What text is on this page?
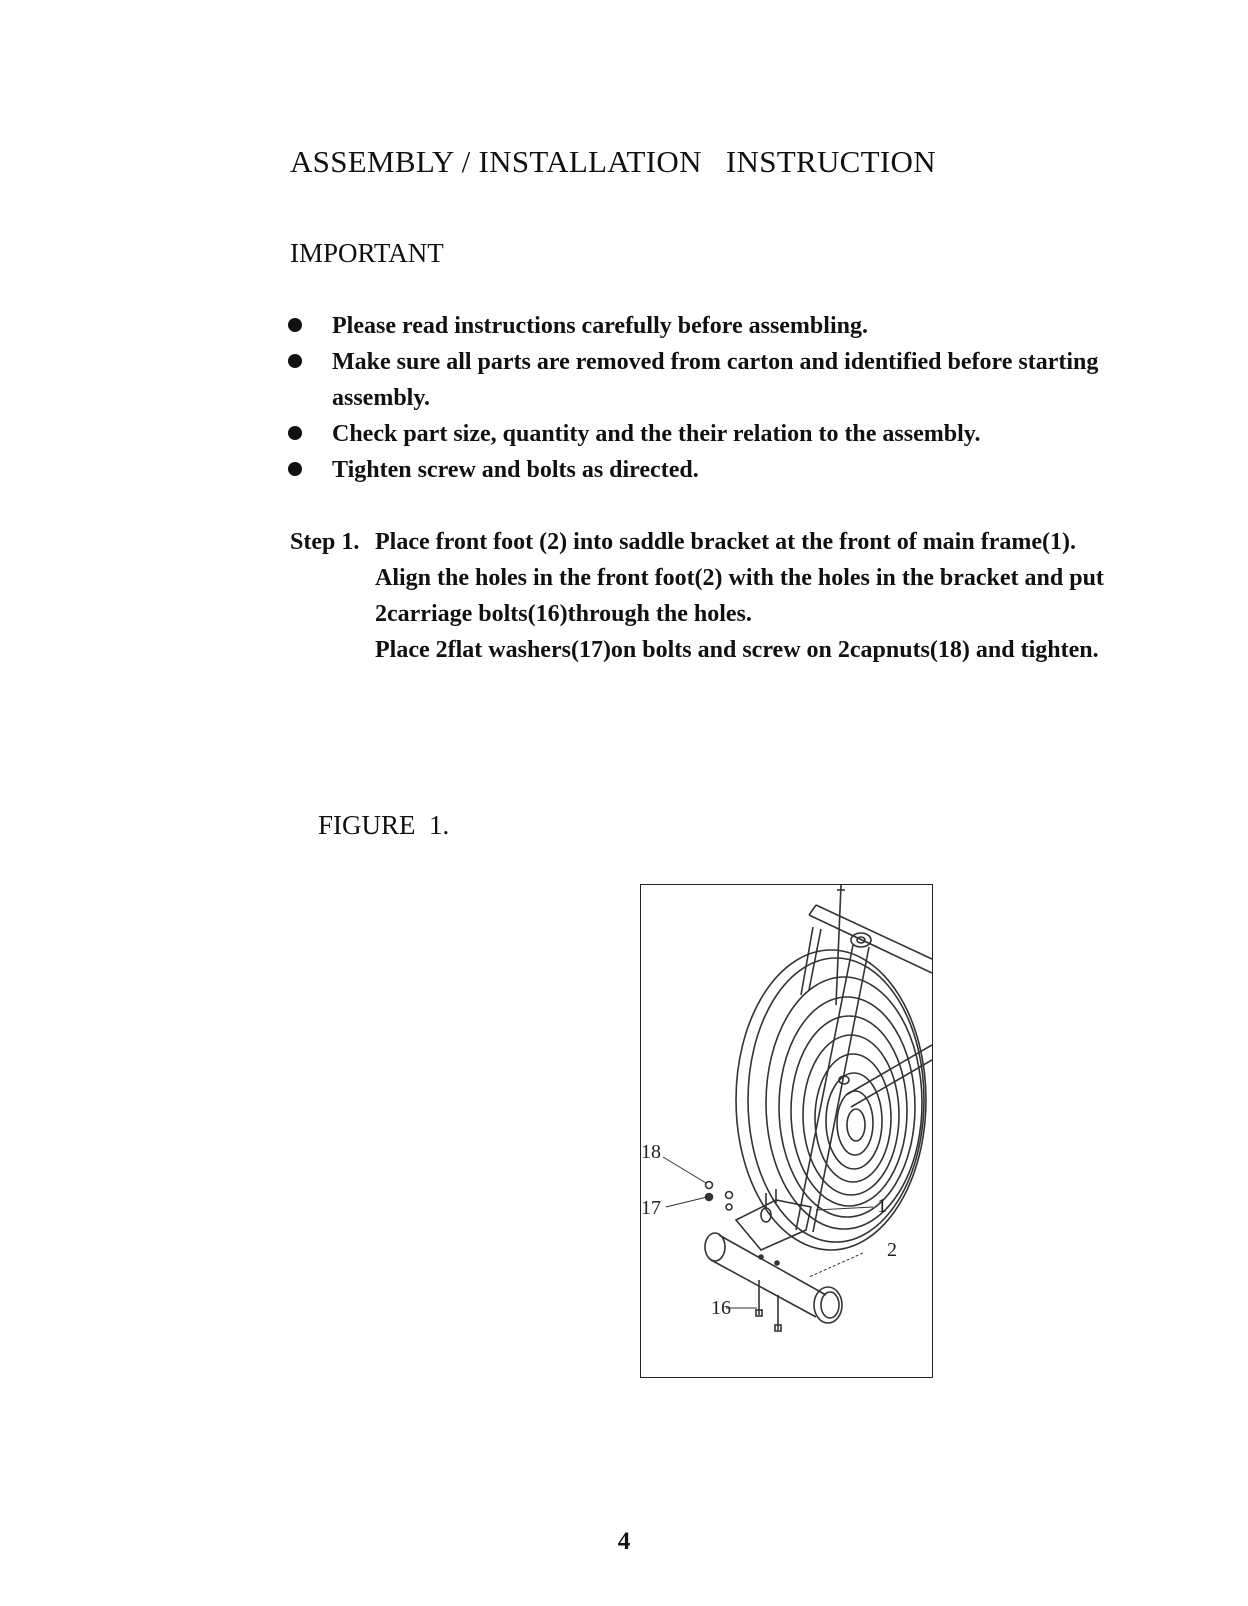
ASSEMBLY / INSTALLATION   INSTRUCTION
IMPORTANT
Please read instructions carefully before assembling.
Make sure all parts are removed from carton and identified before starting assembly.
Check part size, quantity and the their relation to the assembly.
Tighten screw and bolts as directed.
Step 1. Place front foot (2) into saddle bracket at the front of main frame(1).

Align the holes in the front foot(2) with the holes in the bracket and put 2carriage bolts(16)through the holes.

Place 2flat washers(17)on bolts and screw on 2capnuts(18) and tighten.

FIGURE  1.
18
17	1
2
16
4
